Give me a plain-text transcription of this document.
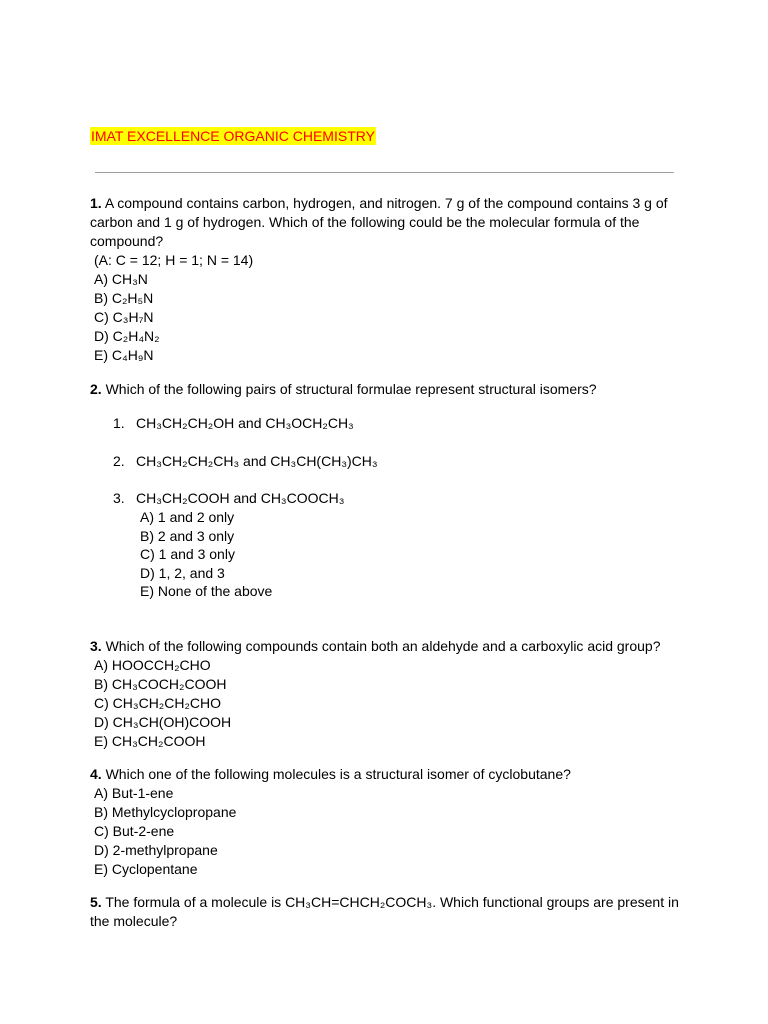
IMAT EXCELLENCE ORGANIC CHEMISTRY
1. A compound contains carbon, hydrogen, and nitrogen. 7 g of the compound contains 3 g of carbon and 1 g of hydrogen. Which of the following could be the molecular formula of the compound?
(A: C = 12; H = 1; N = 14)
A) CH₃N
B) C₂H₅N
C) C₃H₇N
D) C₂H₄N₂
E) C₄H₉N
2. Which of the following pairs of structural formulae represent structural isomers?
1. CH₃CH₂CH₂OH and CH₃OCH₂CH₃
2. CH₃CH₂CH₂CH₃ and CH₃CH(CH₃)CH₃
3. CH₃CH₂COOH and CH₃COOCH₃
A) 1 and 2 only
B) 2 and 3 only
C) 1 and 3 only
D) 1, 2, and 3
E) None of the above
3. Which of the following compounds contain both an aldehyde and a carboxylic acid group?
A) HOOCCH₂CHO
B) CH₃COCH₂COOH
C) CH₃CH₂CH₂CHO
D) CH₃CH(OH)COOH
E) CH₃CH₂COOH
4. Which one of the following molecules is a structural isomer of cyclobutane?
A) But-1-ene
B) Methylcyclopropane
C) But-2-ene
D) 2-methylpropane
E) Cyclopentane
5. The formula of a molecule is CH₃CH=CHCH₂COCH₃. Which functional groups are present in the molecule?
